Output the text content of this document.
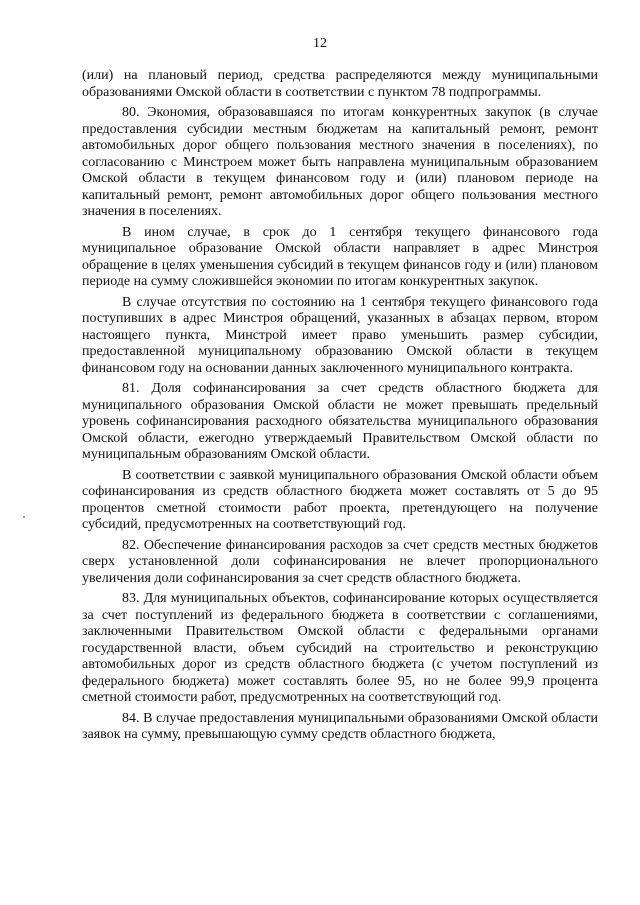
12

(или) на плановый период, средства распределяются между муниципальными образованиями Омской области в соответствии с пунктом 78 подпрограммы.

80. Экономия, образовавшаяся по итогам конкурентных закупок (в случае предоставления субсидии местным бюджетам на капитальный ремонт, ремонт автомобильных дорог общего пользования местного значения в поселениях), по согласованию с Минстроем может быть направлена муниципальным образованием Омской области в текущем финансовом году и (или) плановом периоде на капитальный ремонт, ремонт автомобильных дорог общего пользования местного значения в поселениях.

В ином случае, в срок до 1 сентября текущего финансового года муниципальное образование Омской области направляет в адрес Минстроя обращение в целях уменьшения субсидий в текущем финансов году и (или) плановом периоде на сумму сложившейся экономии по итогам конкурентных закупок.

В случае отсутствия по состоянию на 1 сентября текущего финансового года поступивших в адрес Минстроя обращений, указанных в абзацах первом, втором настоящего пункта, Минстрой имеет право уменьшить размер субсидии, предоставленной муниципальному образованию Омской области в текущем финансовом году на основании данных заключенного муниципального контракта.

81. Доля софинансирования за счет средств областного бюджета для муниципального образования Омской области не может превышать предельный уровень софинансирования расходного обязательства муниципального образования Омской области, ежегодно утверждаемый Правительством Омской области по муниципальным образованиям Омской области.

В соответствии с заявкой муниципального образования Омской области объем софинансирования из средств областного бюджета может составлять от 5 до 95 процентов сметной стоимости работ проекта, претендующего на получение субсидий, предусмотренных на соответствующий год.

82. Обеспечение финансирования расходов за счет средств местных бюджетов сверх установленной доли софинансирования не влечет пропорционального увеличения доли софинансирования за счет средств областного бюджета.

83. Для муниципальных объектов, софинансирование которых осуществляется за счет поступлений из федерального бюджета в соответствии с соглашениями, заключенными Правительством Омской области с федеральными органами государственной власти, объем субсидий на строительство и реконструкцию автомобильных дорог из средств областного бюджета (с учетом поступлений из федерального бюджета) может составлять более 95, но не более 99,9 процента сметной стоимости работ, предусмотренных на соответствующий год.

84. В случае предоставления муниципальными образованиями Омской области заявок на сумму, превышающую сумму средств областного бюджета,
